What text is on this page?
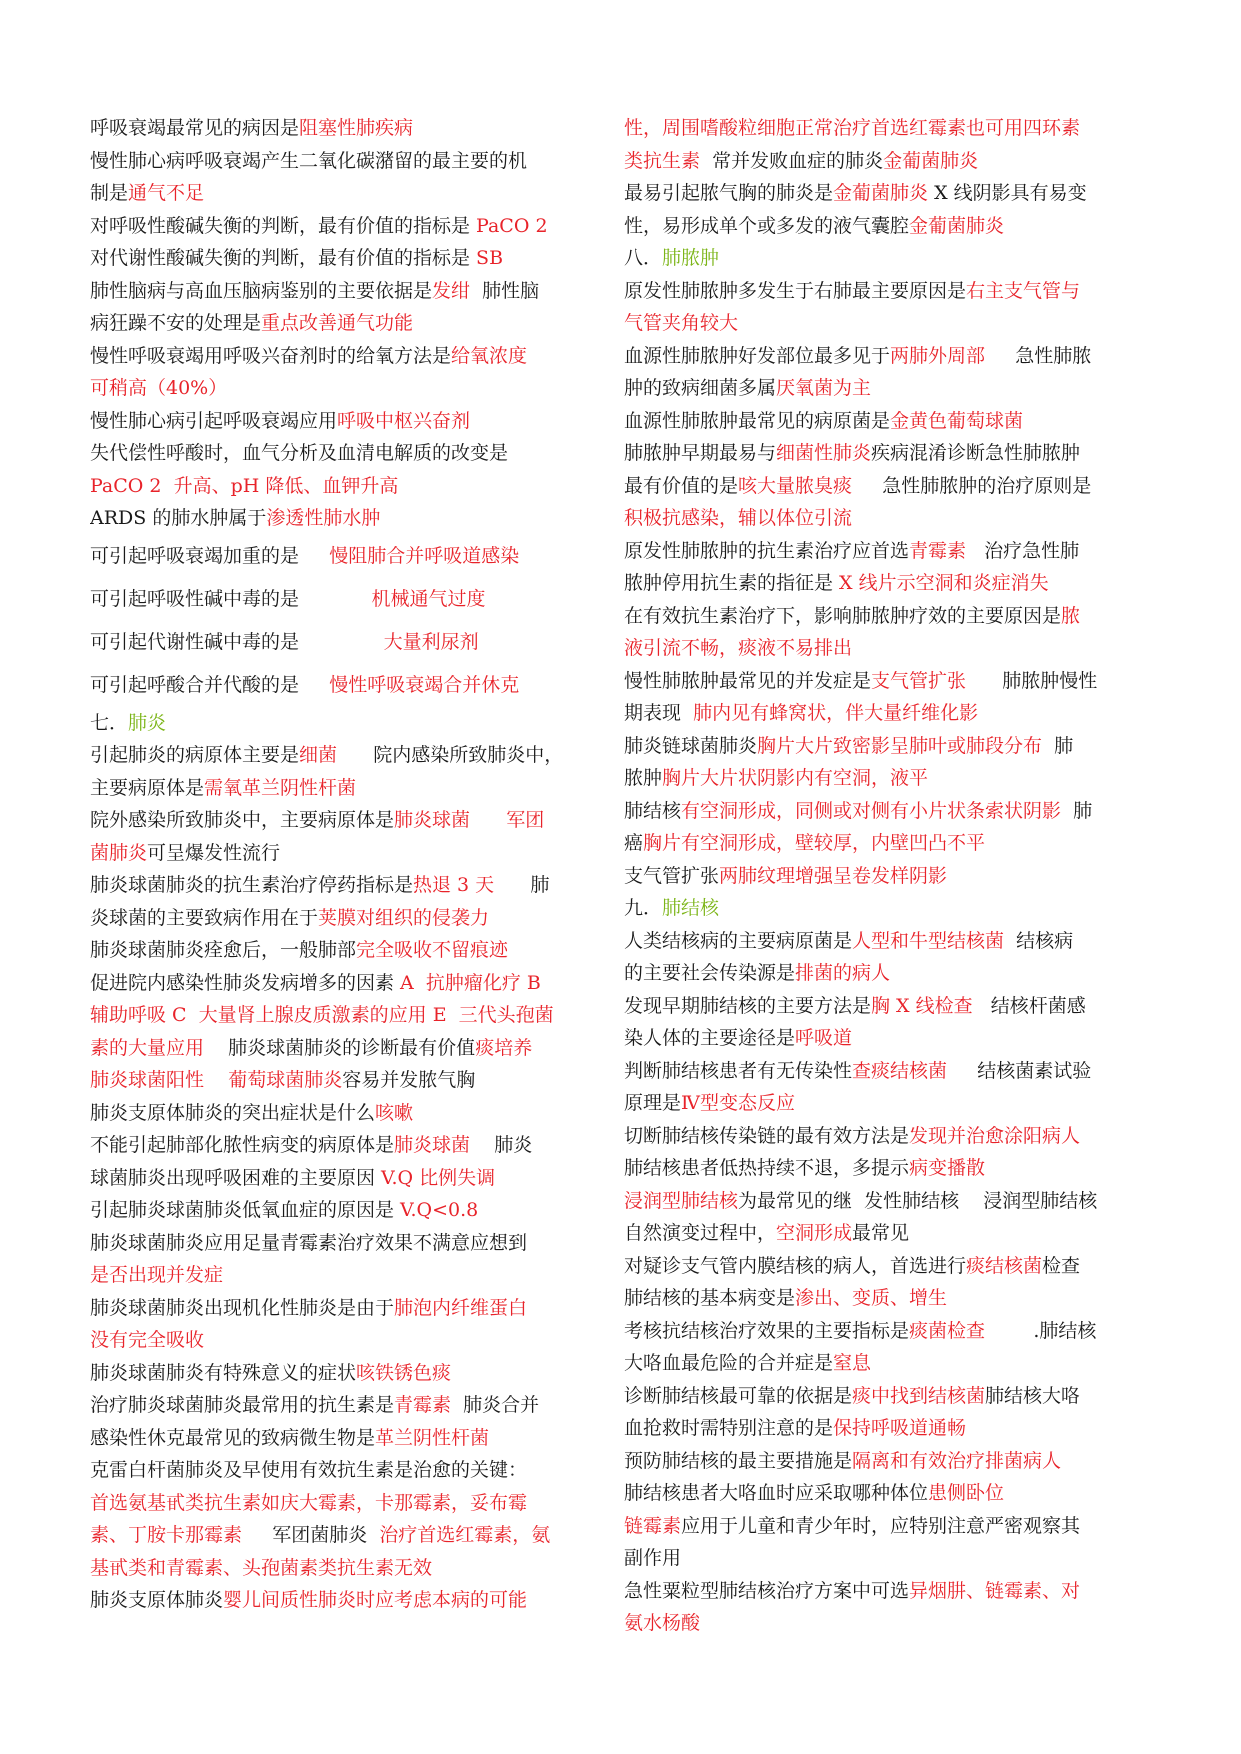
呼吸衰竭最常见的病因是阻塞性肺疾病
慢性肺心病呼吸衰竭产生二氧化碳潴留的最主要的机
制是通气不足
对呼吸性酸碱失衡的判断，最有价值的指标是 PaCO 2
对代谢性酸碱失衡的判断，最有价值的指标是 SB
肺性脑病与高血压脑病鉴别的主要依据是发绀  肺性脑
病狂躁不安的处理是重点改善通气功能
慢性呼吸衰竭用呼吸兴奋剂时的给氧方法是给氧浓度
可稍高（40%）
慢性肺心病引起呼吸衰竭应用呼吸中枢兴奋剂
失代偿性呼酸时，血气分析及血清电解质的改变是
PaCO 2  升高、pH 降低、血钾升高
ARDS 的肺水肿属于渗透性肺水肿
可引起呼吸衰竭加重的是     慢阻肺合并呼吸道感染
可引起呼吸性碱中毒的是            机械通气过度
可引起代谢性碱中毒的是              大量利尿剂
可引起呼酸合并代酸的是     慢性呼吸衰竭合并休克
七．肺炎
引起肺炎的病原体主要是细菌      院内感染所致肺炎中，
主要病原体是需氧革兰阴性杆菌
院外感染所致肺炎中，主要病原体是肺炎球菌      军团
菌肺炎可呈爆发性流行
肺炎球菌肺炎的抗生素治疗停药指标是热退 3 天      肺
炎球菌的主要致病作用在于荚膜对组织的侵袭力
肺炎球菌肺炎痊愈后，一般肺部完全吸收不留痕迹
促进院内感染性肺炎发病增多的因素 A  抗肿瘤化疗 B
辅助呼吸 C  大量肾上腺皮质激素的应用 E  三代头孢菌
素的大量应用    肺炎球菌肺炎的诊断最有价值痰培养
肺炎球菌阳性 葡萄球菌肺炎容易并发脓气胸
肺炎支原体肺炎的突出症状是什么咳嗽
不能引起肺部化脓性病变的病原体是肺炎球菌    肺炎
球菌肺炎出现呼吸困难的主要原因 V.Q 比例失调
引起肺炎球菌肺炎低氧血症的原因是 V.Q<0.8
肺炎球菌肺炎应用足量青霉素治疗效果不满意应想到
是否出现并发症
肺炎球菌肺炎出现机化性肺炎是由于肺泡内纤维蛋白
没有完全吸收
肺炎球菌肺炎有特殊意义的症状咳铁锈色痰
治疗肺炎球菌肺炎最常用的抗生素是青霉素  肺炎合并
感染性休克最常见的致病微生物是革兰阴性杆菌
克雷白杆菌肺炎及早使用有效抗生素是治愈的关键：
首选氨基甙类抗生素如庆大霉素，卡那霉素，妥布霉
素、丁胺卡那霉素     军团菌肺炎  治疗首选红霉素，氨
基甙类和青霉素、头孢菌素类抗生素无效
肺炎支原体肺炎婴儿间质性肺炎时应考虑本病的可能
性，周围嗜酸粒细胞正常治疗首选红霉素也可用四环素
类抗生素  常并发败血症的肺炎金葡菌肺炎
最易引起脓气胸的肺炎是金葡菌肺炎 X 线阴影具有易变
性，易形成单个或多发的液气囊腔金葡菌肺炎
八．肺脓肿
原发性肺脓肿多发生于右肺最主要原因是右主支气管与
气管夹角较大
血源性肺脓肿好发部位最多见于两肺外周部     急性肺脓
肿的致病细菌多属厌氧菌为主
血源性肺脓肿最常见的病原菌是金黄色葡萄球菌
肺脓肿早期最易与细菌性肺炎疾病混淆诊断急性肺脓肿
最有价值的是咳大量脓臭痰     急性肺脓肿的治疗原则是
积极抗感染，辅以体位引流
原发性肺脓肿的抗生素治疗应首选青霉素   治疗急性肺
脓肿停用抗生素的指征是 X 线片示空洞和炎症消失
在有效抗生素治疗下，影响肺脓肿疗效的主要原因是脓
液引流不畅，痰液不易排出
慢性肺脓肿最常见的并发症是支气管扩张      肺脓肿慢性
期表现  肺内见有蜂窝状，伴大量纤维化影
肺炎链球菌肺炎胸片大片致密影呈肺叶或肺段分布  肺
脓肿胸片大片状阴影内有空洞，液平
肺结核有空洞形成，同侧或对侧有小片状条索状阴影  肺
癌胸片有空洞形成，壁较厚，内壁凹凸不平
支气管扩张两肺纹理增强呈卷发样阴影
九．肺结核
人类结核病的主要病原菌是人型和牛型结核菌  结核病
的主要社会传染源是排菌的病人
发现早期肺结核的主要方法是胸 X 线检查   结核杆菌感
染人体的主要途径是呼吸道
判断肺结核患者有无传染性查痰结核菌     结核菌素试验
原理是Ⅳ型变态反应
切断肺结核传染链的最有效方法是发现并治愈涂阳病人
肺结核患者低热持续不退，多提示病变播散
浸润型肺结核为最常见的继  发性肺结核    浸润型肺结核
自然演变过程中，空洞形成最常见
对疑诊支气管内膜结核的病人，首选进行痰结核菌检查
肺结核的基本病变是渗出、变质、增生
考核抗结核治疗效果的主要指标是痰菌检查        .肺结核
大咯血最危险的合并症是窒息
诊断肺结核最可靠的依据是痰中找到结核菌肺结核大咯
血抢救时需特别注意的是保持呼吸道通畅
预防肺结核的最主要措施是隔离和有效治疗排菌病人
肺结核患者大咯血时应采取哪种体位患侧卧位
链霉素应用于儿童和青少年时，应特别注意严密观察其
副作用
急性粟粒型肺结核治疗方案中可选异烟肼、链霉素、对
氨水杨酸
